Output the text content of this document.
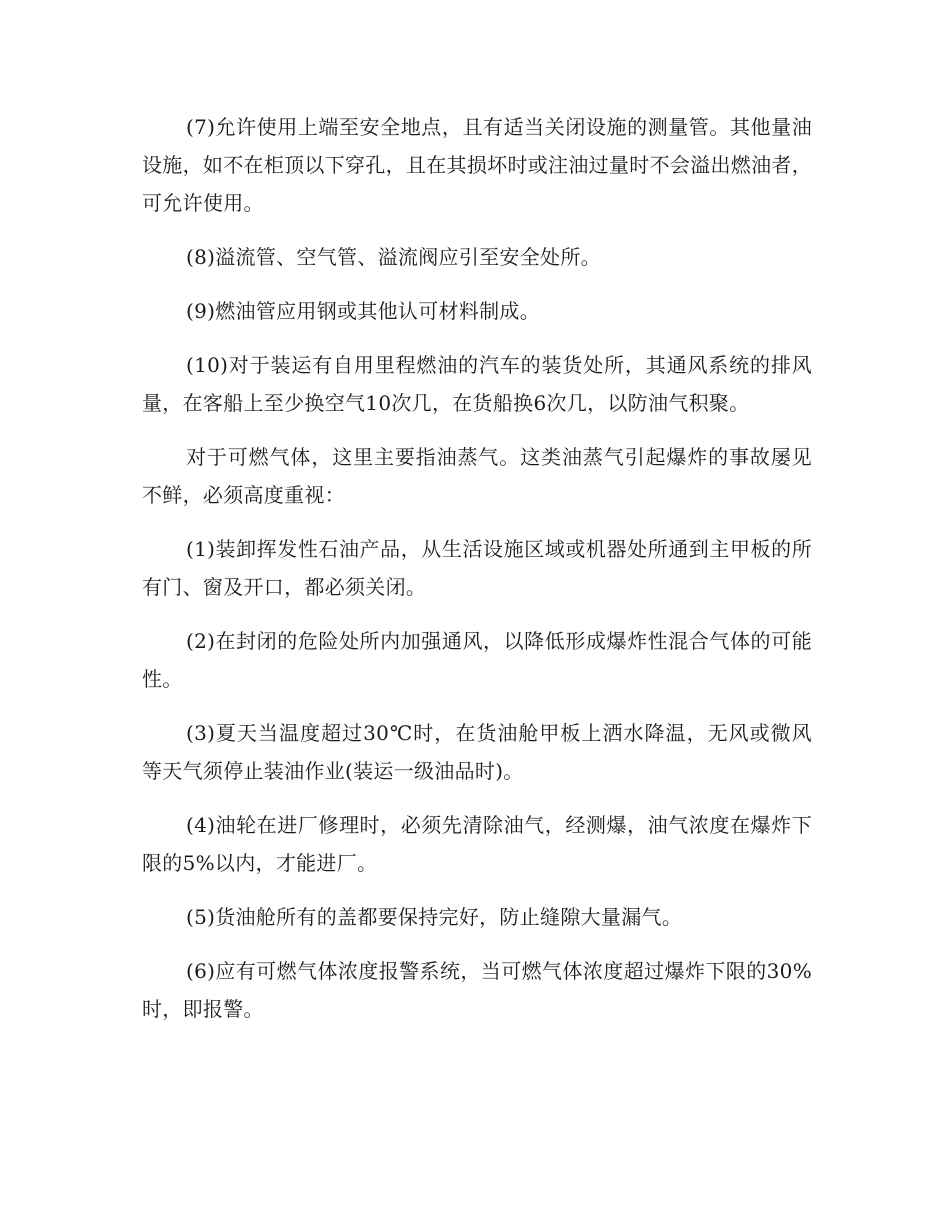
(7)允许使用上端至安全地点，且有适当关闭设施的测量管。其他量油设施，如不在柜顶以下穿孔，且在其损坏时或注油过量时不会溢出燃油者，可允许使用。

(8)溢流管、空气管、溢流阀应引至安全处所。

(9)燃油管应用钢或其他认可材料制成。

(10)对于装运有自用里程燃油的汽车的装货处所，其通风系统的排风量，在客船上至少换空气10次几，在货船换6次几，以防油气积聚。

对于可燃气体，这里主要指油蒸气。这类油蒸气引起爆炸的事故屡见不鲜，必须高度重视：

(1)装卸挥发性石油产品，从生活设施区域或机器处所通到主甲板的所有门、窗及开口，都必须关闭。

(2)在封闭的危险处所内加强通风，以降低形成爆炸性混合气体的可能性。

(3)夏天当温度超过30℃时，在货油舱甲板上洒水降温，无风或微风等天气须停止装油作业(装运一级油品时)。

(4)油轮在进厂修理时，必须先清除油气，经测爆，油气浓度在爆炸下限的5%以内，才能进厂。

(5)货油舱所有的盖都要保持完好，防止缝隙大量漏气。

(6)应有可燃气体浓度报警系统，当可燃气体浓度超过爆炸下限的30%时，即报警。
